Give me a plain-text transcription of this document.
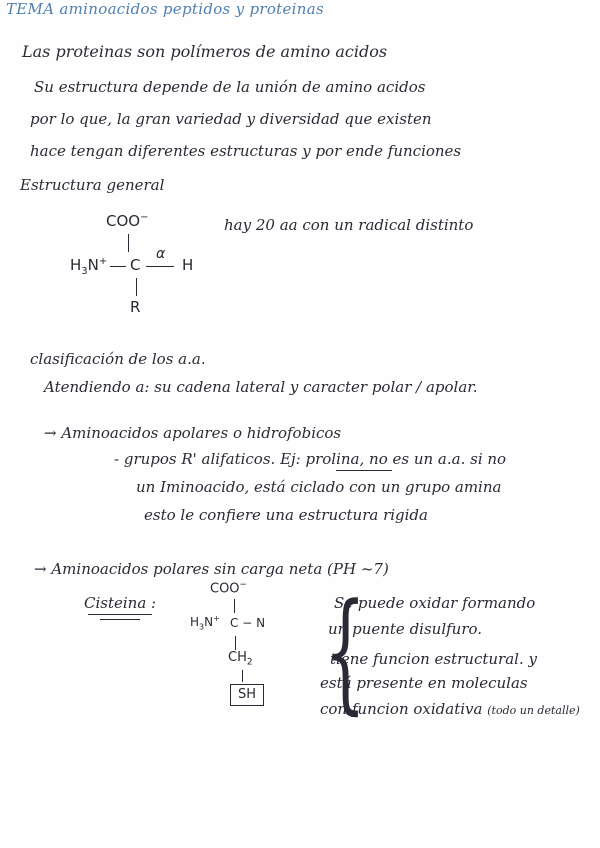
TEMA aminoacidos peptidos y proteinas
Las proteinas son polímeros de amino acidos
Su estructura depende de la unión de amino acidos
por lo que, la gran variedad y diversidad que existen
hace tengan diferentes estructuras y por ende funciones
Estructura general
COO−
$H_3N^+$ C
α
H
R
hay 20 aa con un radical distinto
clasificación de los a.a.
Atendiendo a: su cadena lateral y caracter polar / apolar.
→ Aminoacidos apolares o hidrofobicos
- grupos R' alifaticos. Ej: prolina, no es un a.a. si no
un Iminoacido, está ciclado con un grupo amina
esto le confiere una estructura rigida
→ Aminoacidos polares sin carga neta (PH ~7)
Cisteina :
COO−
$H_3N^+$ C − N
$CH_2$
SH {
Se puede oxidar formando
un puente disulfuro.
tiene funcion estructural. y
está presente en moleculas
con funcion oxidativa (todo un detalle)
